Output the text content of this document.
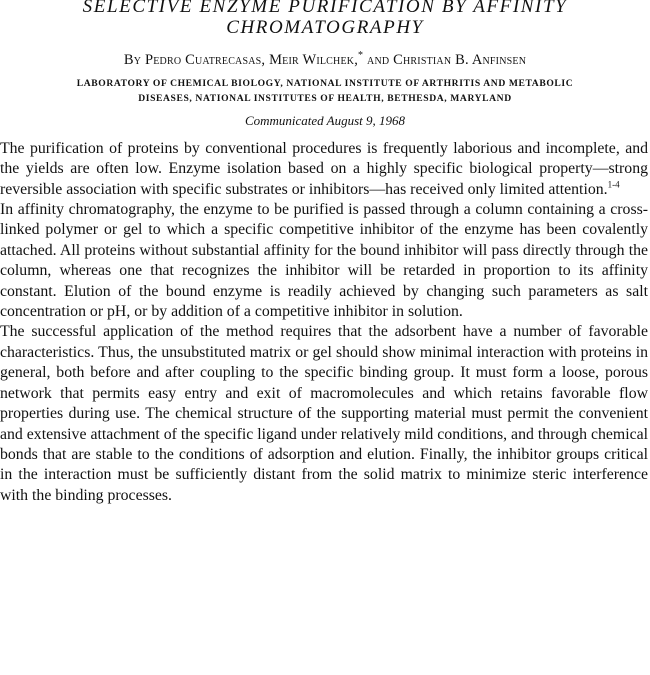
SELECTIVE ENZYME PURIFICATION BY AFFINITY
CHROMATOGRAPHY
By Pedro Cuatrecasas, Meir Wilchek,* and Christian B. Anfinsen
LABORATORY OF CHEMICAL BIOLOGY, NATIONAL INSTITUTE OF ARTHRITIS AND METABOLIC
DISEASES, NATIONAL INSTITUTES OF HEALTH, BETHESDA, MARYLAND
Communicated August 9, 1968

The purification of proteins by conventional procedures is frequently laborious and incomplete, and the yields are often low. Enzyme isolation based on a highly specific biological property—strong reversible association with specific substrates or inhibitors—has received only limited attention.$^{1-4}$

In affinity chromatography, the enzyme to be purified is passed through a column containing a cross-linked polymer or gel to which a specific competitive inhibitor of the enzyme has been covalently attached. All proteins without substantial affinity for the bound inhibitor will pass directly through the column, whereas one that recognizes the inhibitor will be retarded in proportion to its affinity constant. Elution of the bound enzyme is readily achieved by changing such parameters as salt concentration or pH, or by addition of a competitive inhibitor in solution.

The successful application of the method requires that the adsorbent have a number of favorable characteristics. Thus, the unsubstituted matrix or gel should show minimal interaction with proteins in general, both before and after coupling to the specific binding group. It must form a loose, porous network that permits easy entry and exit of macromolecules and which retains favorable flow properties during use. The chemical structure of the supporting material must permit the convenient and extensive attachment of the specific ligand under relatively mild conditions, and through chemical bonds that are stable to the conditions of adsorption and elution. Finally, the inhibitor groups critical in the interaction must be sufficiently distant from the solid matrix to minimize steric interference with the binding processes.
